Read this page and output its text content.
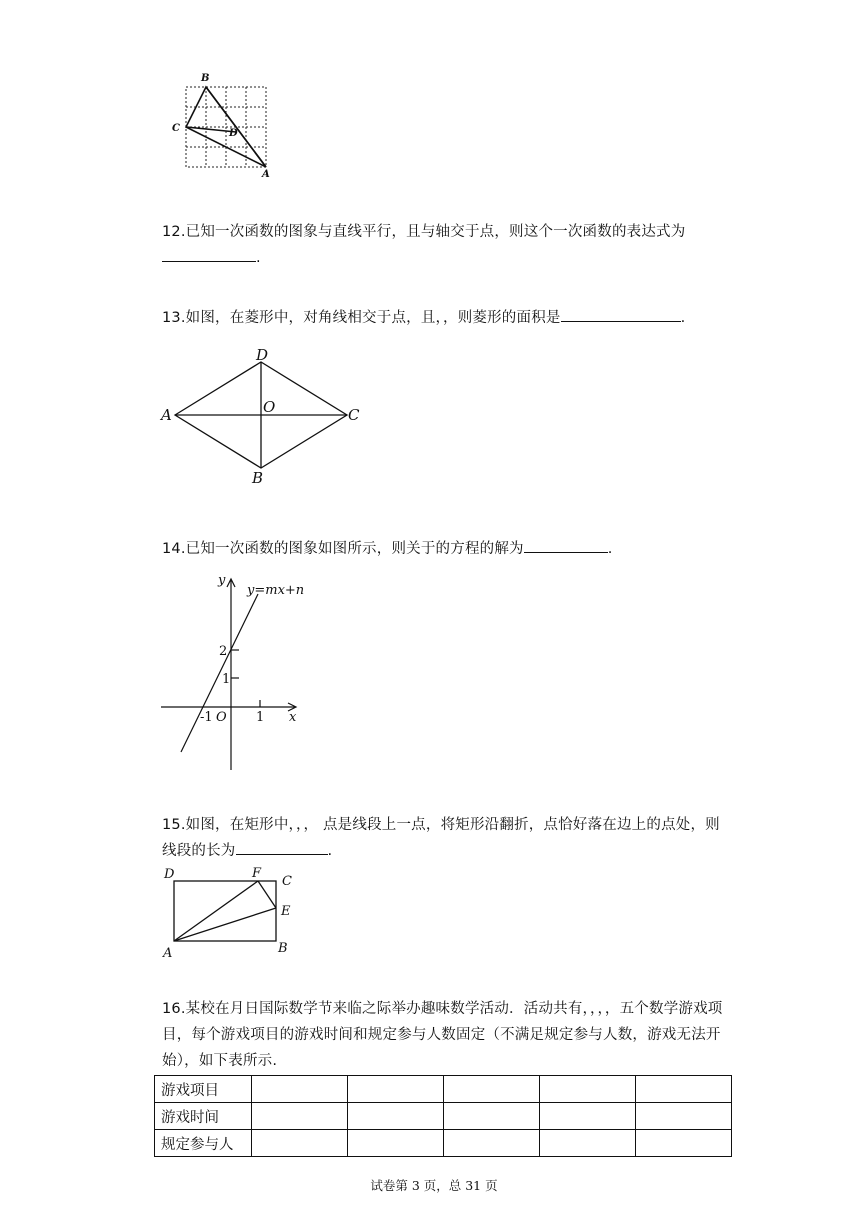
B
C	D
A
12.已知一次函数的图象与直线平行，且与轴交于点，则这个一次函数的表达式为
.
13.如图，在菱形中，对角线相交于点，且，，则菱形的面积是	.
D
A	O	C
B
14.已知一次函数的图象如图所示，则关于的方程的解为	.
y
y=mx+n
2
1
-1 O 1 x
15.如图，在矩形中，，， 点是线段上一点，将矩形沿翻折，点恰好落在边上的点处，则
线段的长为	.
D	F
C
E
A	B
16.某校在月日国际数学节来临之际举办趣味数学活动．活动共有，，，，五个数学游戏项目，每个游戏项目的游戏时间和规定参与人数固定（不满足规定参与人数，游戏无法开始），如下表所示.
游戏项目					
游戏时间					
规定参与人					
试卷第 3 页，总 31 页
